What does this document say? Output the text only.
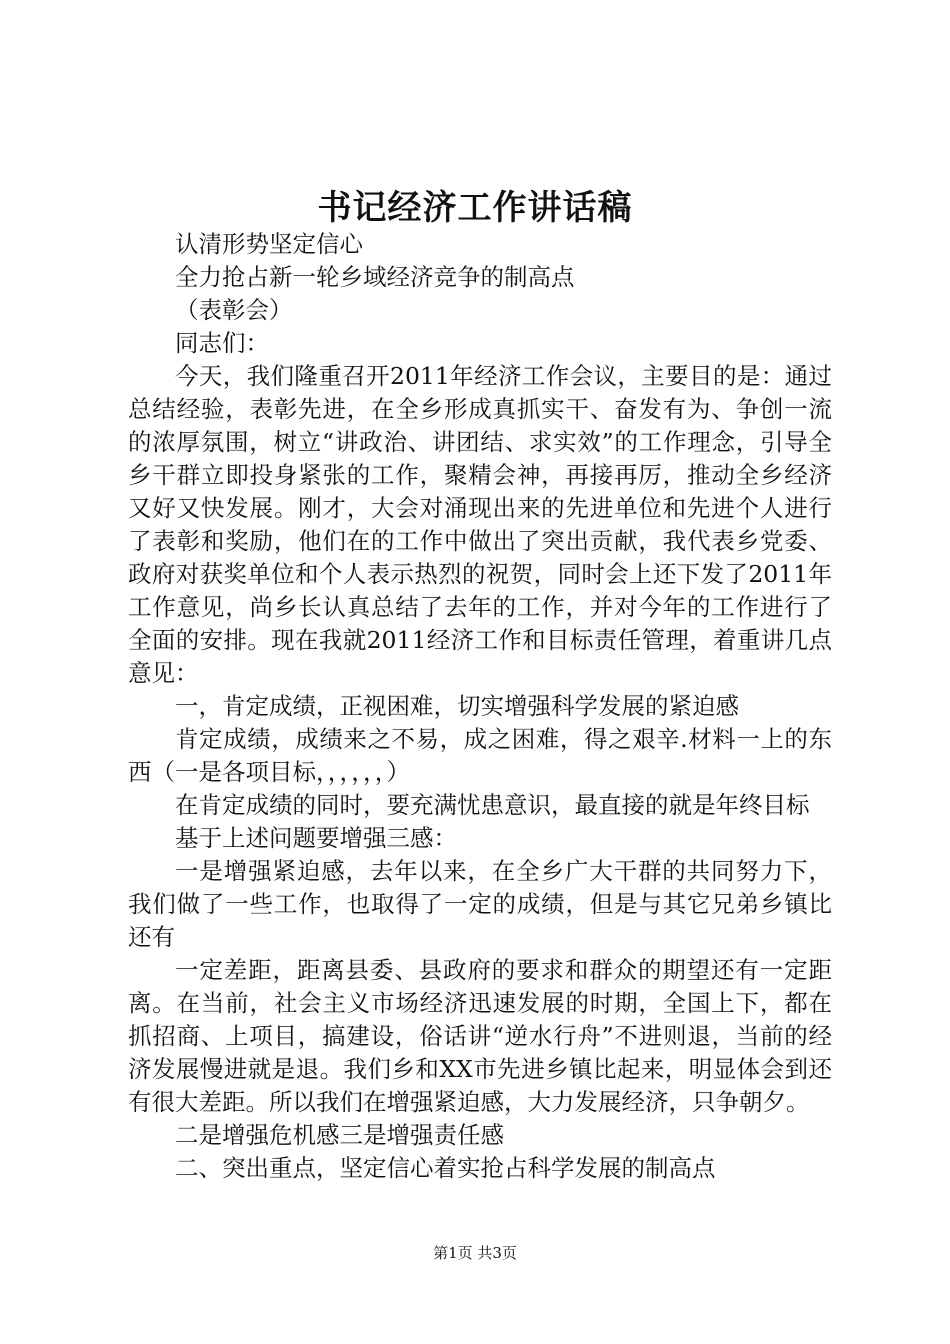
书记经济工作讲话稿

认清形势坚定信心

全力抢占新一轮乡域经济竞争的制高点

（表彰会）

同志们：

今天，我们隆重召开2011年经济工作会议，主要目的是：通过总结经验，表彰先进，在全乡形成真抓实干、奋发有为、争创一流的浓厚氛围，树立“讲政治、讲团结、求实效”的工作理念，引导全乡干群立即投身紧张的工作，聚精会神，再接再厉，推动全乡经济又好又快发展。刚才，大会对涌现出来的先进单位和先进个人进行了表彰和奖励，他们在的工作中做出了突出贡献，我代表乡党委、政府对获奖单位和个人表示热烈的祝贺，同时会上还下发了2011年工作意见，尚乡长认真总结了去年的工作，并对今年的工作进行了全面的安排。现在我就2011经济工作和目标责任管理，着重讲几点意见：

一，肯定成绩，正视困难，切实增强科学发展的紧迫感

肯定成绩，成绩来之不易，成之困难，得之艰辛.材料一上的东西（一是各项目标，，，，，，）

在肯定成绩的同时，要充满忧患意识，最直接的就是年终目标

基于上述问题要增强三感：

一是增强紧迫感，去年以来，在全乡广大干群的共同努力下，我们做了一些工作，也取得了一定的成绩，但是与其它兄弟乡镇比还有

一定差距，距离县委、县政府的要求和群众的期望还有一定距离。在当前，社会主义市场经济迅速发展的时期，全国上下，都在抓招商、上项目，搞建设，俗话讲“逆水行舟”不进则退，当前的经济发展慢进就是退。我们乡和XX市先进乡镇比起来，明显体会到还有很大差距。所以我们在增强紧迫感，大力发展经济，只争朝夕。

二是增强危机感三是增强责任感

二、突出重点，坚定信心着实抢占科学发展的制高点

第1页 共3页
